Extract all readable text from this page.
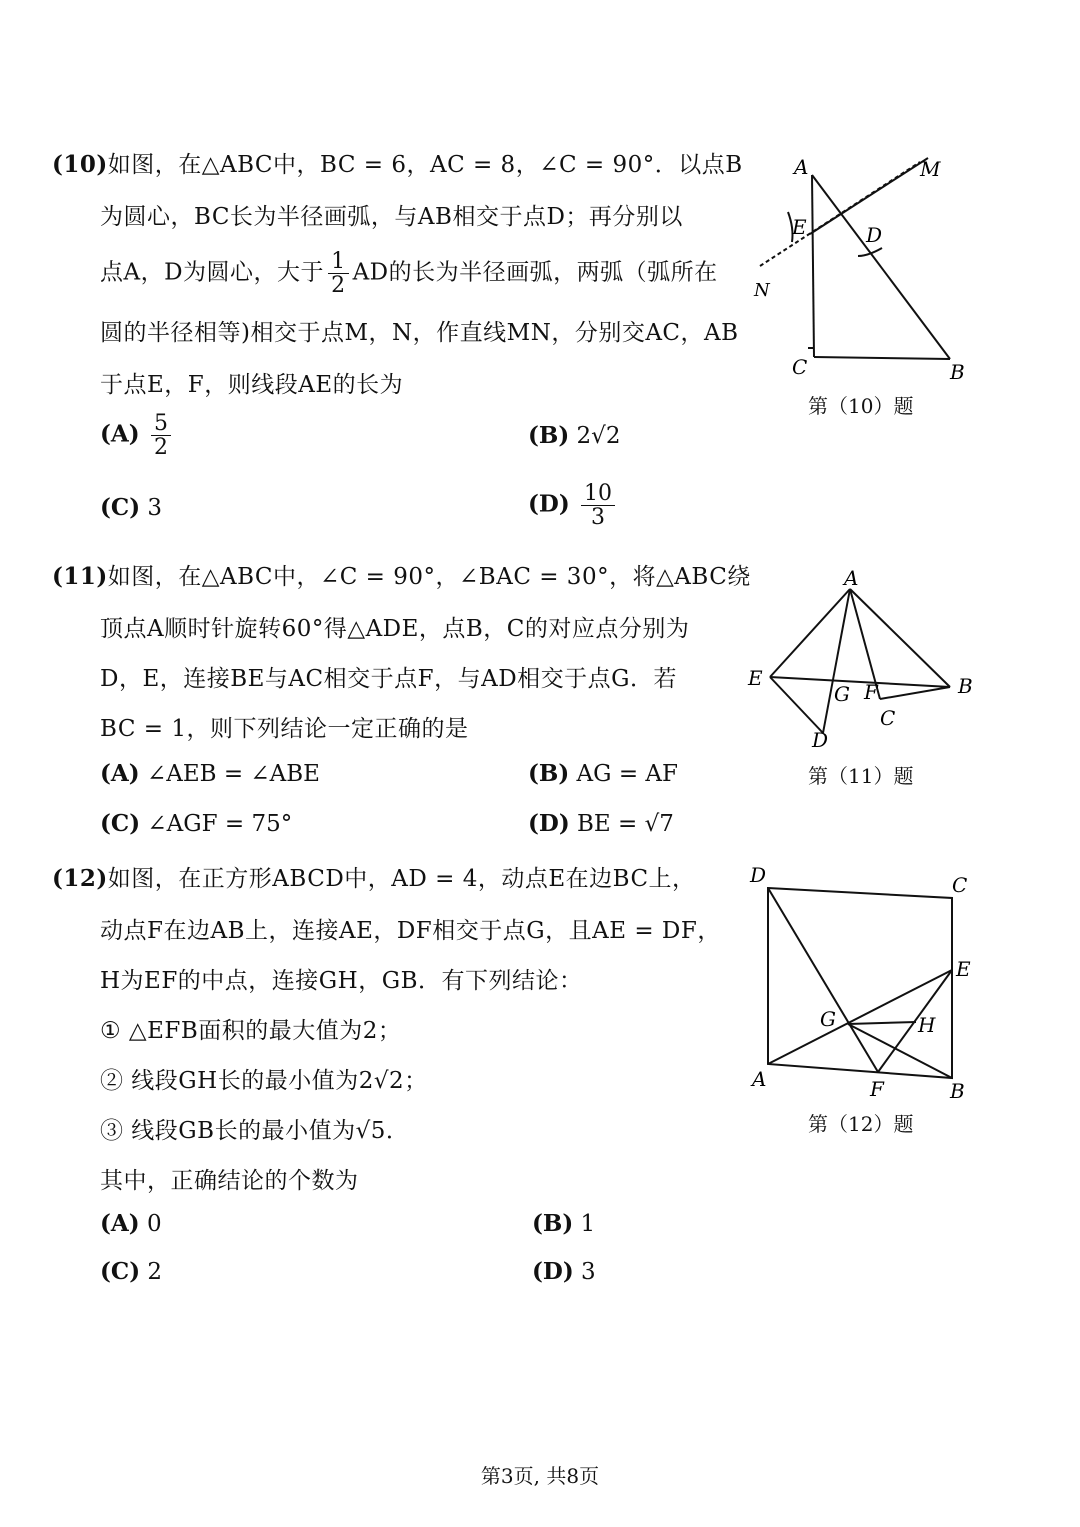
(10)如图，在△ABC中，BC = 6，AC = 8，∠C = 90°．以点B
为圆心，BC长为半径画弧，与AB相交于点D；再分别以
点A，D为圆心，大于 $\frac{1}{2}$ AD的长为半径画弧，两弧（弧所在
圆的半径相等)相交于点M，N，作直线MN，分别交AC，AB
于点E，F，则线段AE的长为
$(A) \frac{5}{2}$	(B) 2√2
(C) 3	$(D) \frac{10}{3}$
A
B
C
D
E
M
N
第（10）题
(11)如图，在△ABC中，∠C = 90°，∠BAC = 30°，将△ABC绕
顶点A顺时针旋转60°得△ADE，点B，C的对应点分别为
D，E，连接BE与AC相交于点F，与AD相交于点G．若
BC = 1，则下列结论一定正确的是
(A) ∠AEB = ∠ABE	(B) AG = AF
(C) ∠AGF = 75°	(D) BE = √7
A
B
C
D
E
F
G
第（11）题
(12)如图，在正方形ABCD中，AD = 4，动点E在边BC上，
动点F在边AB上，连接AE，DF相交于点G，且AE = DF，
H为EF的中点，连接GH，GB．有下列结论：
① △EFB面积的最大值为2；
② 线段GH长的最小值为2√2；
③ 线段GB长的最小值为√5．
其中，正确结论的个数为
(A) 0	(B) 1
(C) 2	(D) 3
A	B
C
D
E
F
G	H
第（12）题
第3页, 共8页
